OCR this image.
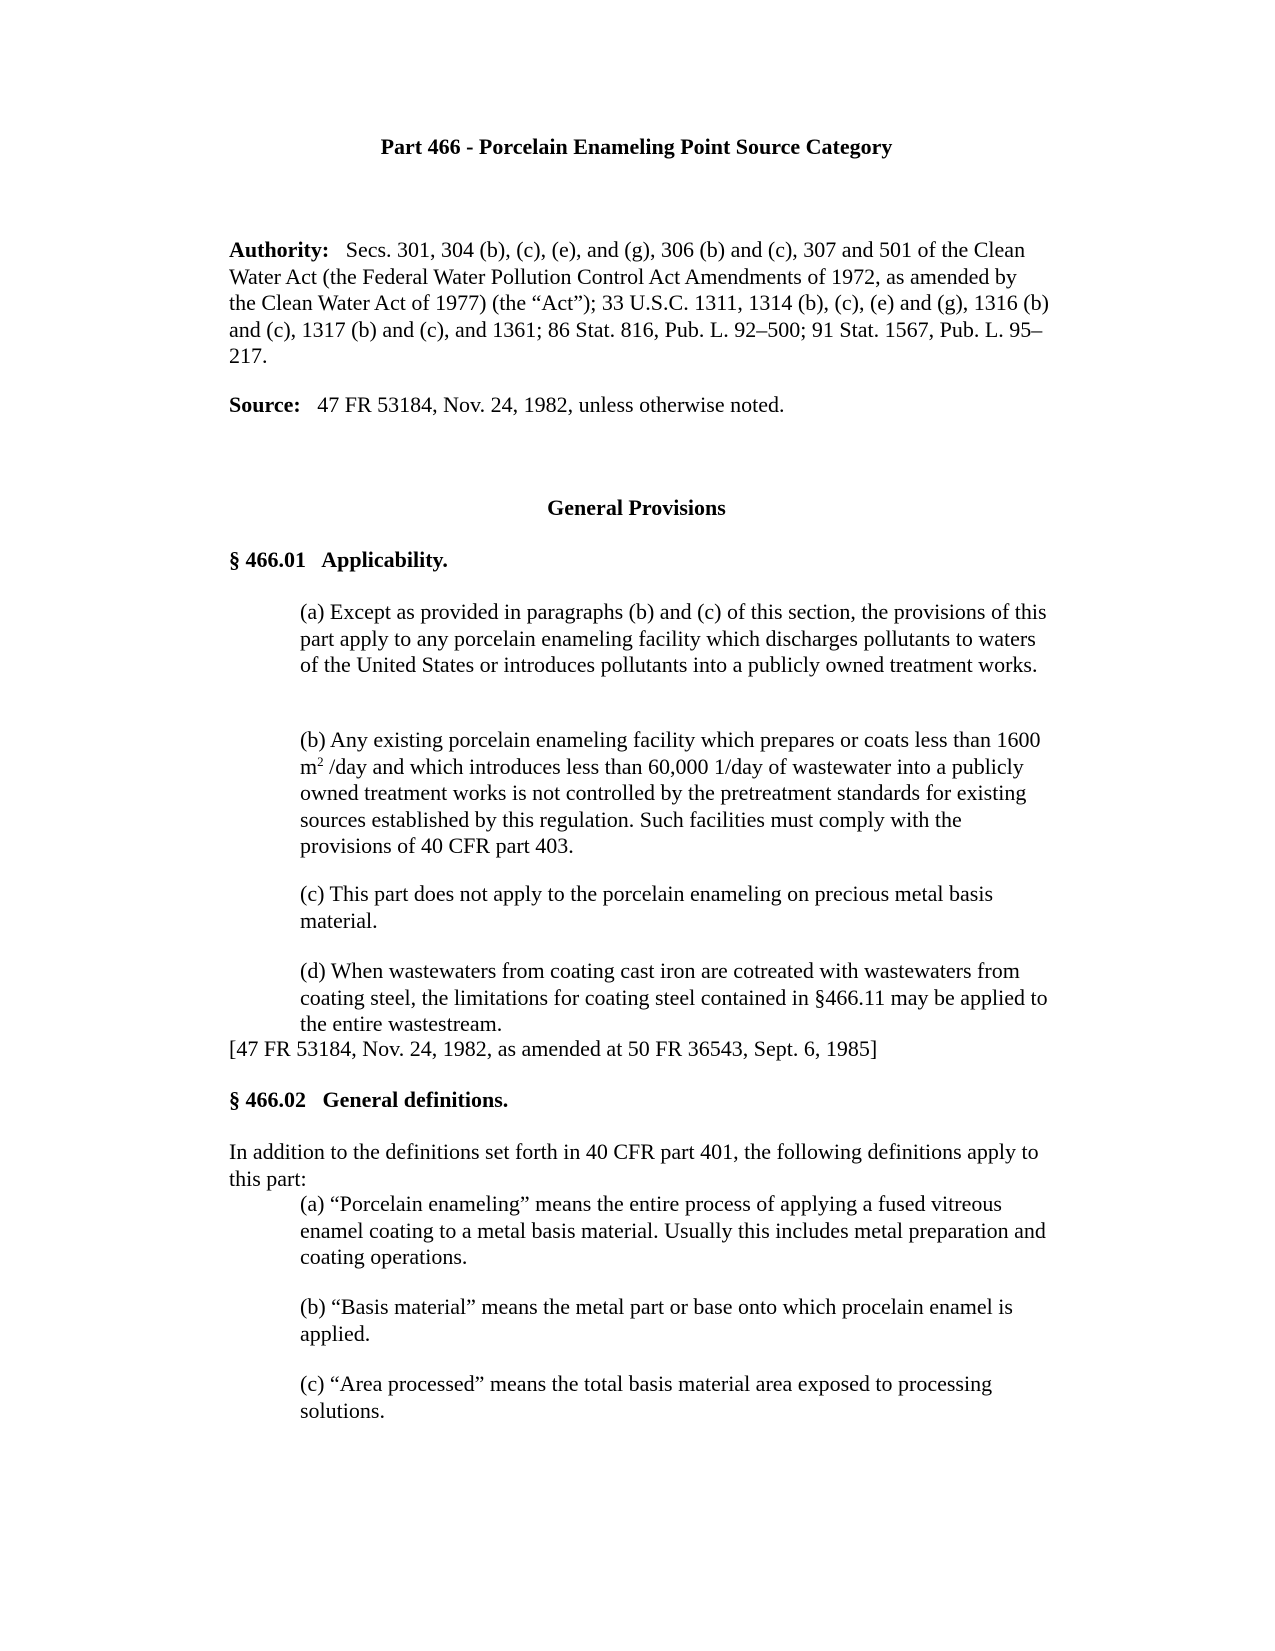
Part 466 - Porcelain Enameling Point Source Category

Authority: Secs. 301, 304 (b), (c), (e), and (g), 306 (b) and (c), 307 and 501 of the Clean Water Act (the Federal Water Pollution Control Act Amendments of 1972, as amended by the Clean Water Act of 1977) (the “Act”); 33 U.S.C. 1311, 1314 (b), (c), (e) and (g), 1316 (b) and (c), 1317 (b) and (c), and 1361; 86 Stat. 816, Pub. L. 92–500; 91 Stat. 1567, Pub. L. 95–217.

Source: 47 FR 53184, Nov. 24, 1982, unless otherwise noted.

General Provisions

§ 466.01 Applicability.

(a) Except as provided in paragraphs (b) and (c) of this section, the provisions of this part apply to any porcelain enameling facility which discharges pollutants to waters of the United States or introduces pollutants into a publicly owned treatment works.

(b) Any existing porcelain enameling facility which prepares or coats less than 1600 $m^2$ /day and which introduces less than 60,000 1/day of wastewater into a publicly owned treatment works is not controlled by the pretreatment standards for existing sources established by this regulation. Such facilities must comply with the provisions of 40 CFR part 403.

(c) This part does not apply to the porcelain enameling on precious metal basis material.

(d) When wastewaters from coating cast iron are cotreated with wastewaters from coating steel, the limitations for coating steel contained in §466.11 may be applied to the entire wastestream.

[47 FR 53184, Nov. 24, 1982, as amended at 50 FR 36543, Sept. 6, 1985]

§ 466.02 General definitions.

In addition to the definitions set forth in 40 CFR part 401, the following definitions apply to this part:

(a) “Porcelain enameling” means the entire process of applying a fused vitreous enamel coating to a metal basis material. Usually this includes metal preparation and coating operations.

(b) “Basis material” means the metal part or base onto which procelain enamel is applied.

(c) “Area processed” means the total basis material area exposed to processing solutions.
